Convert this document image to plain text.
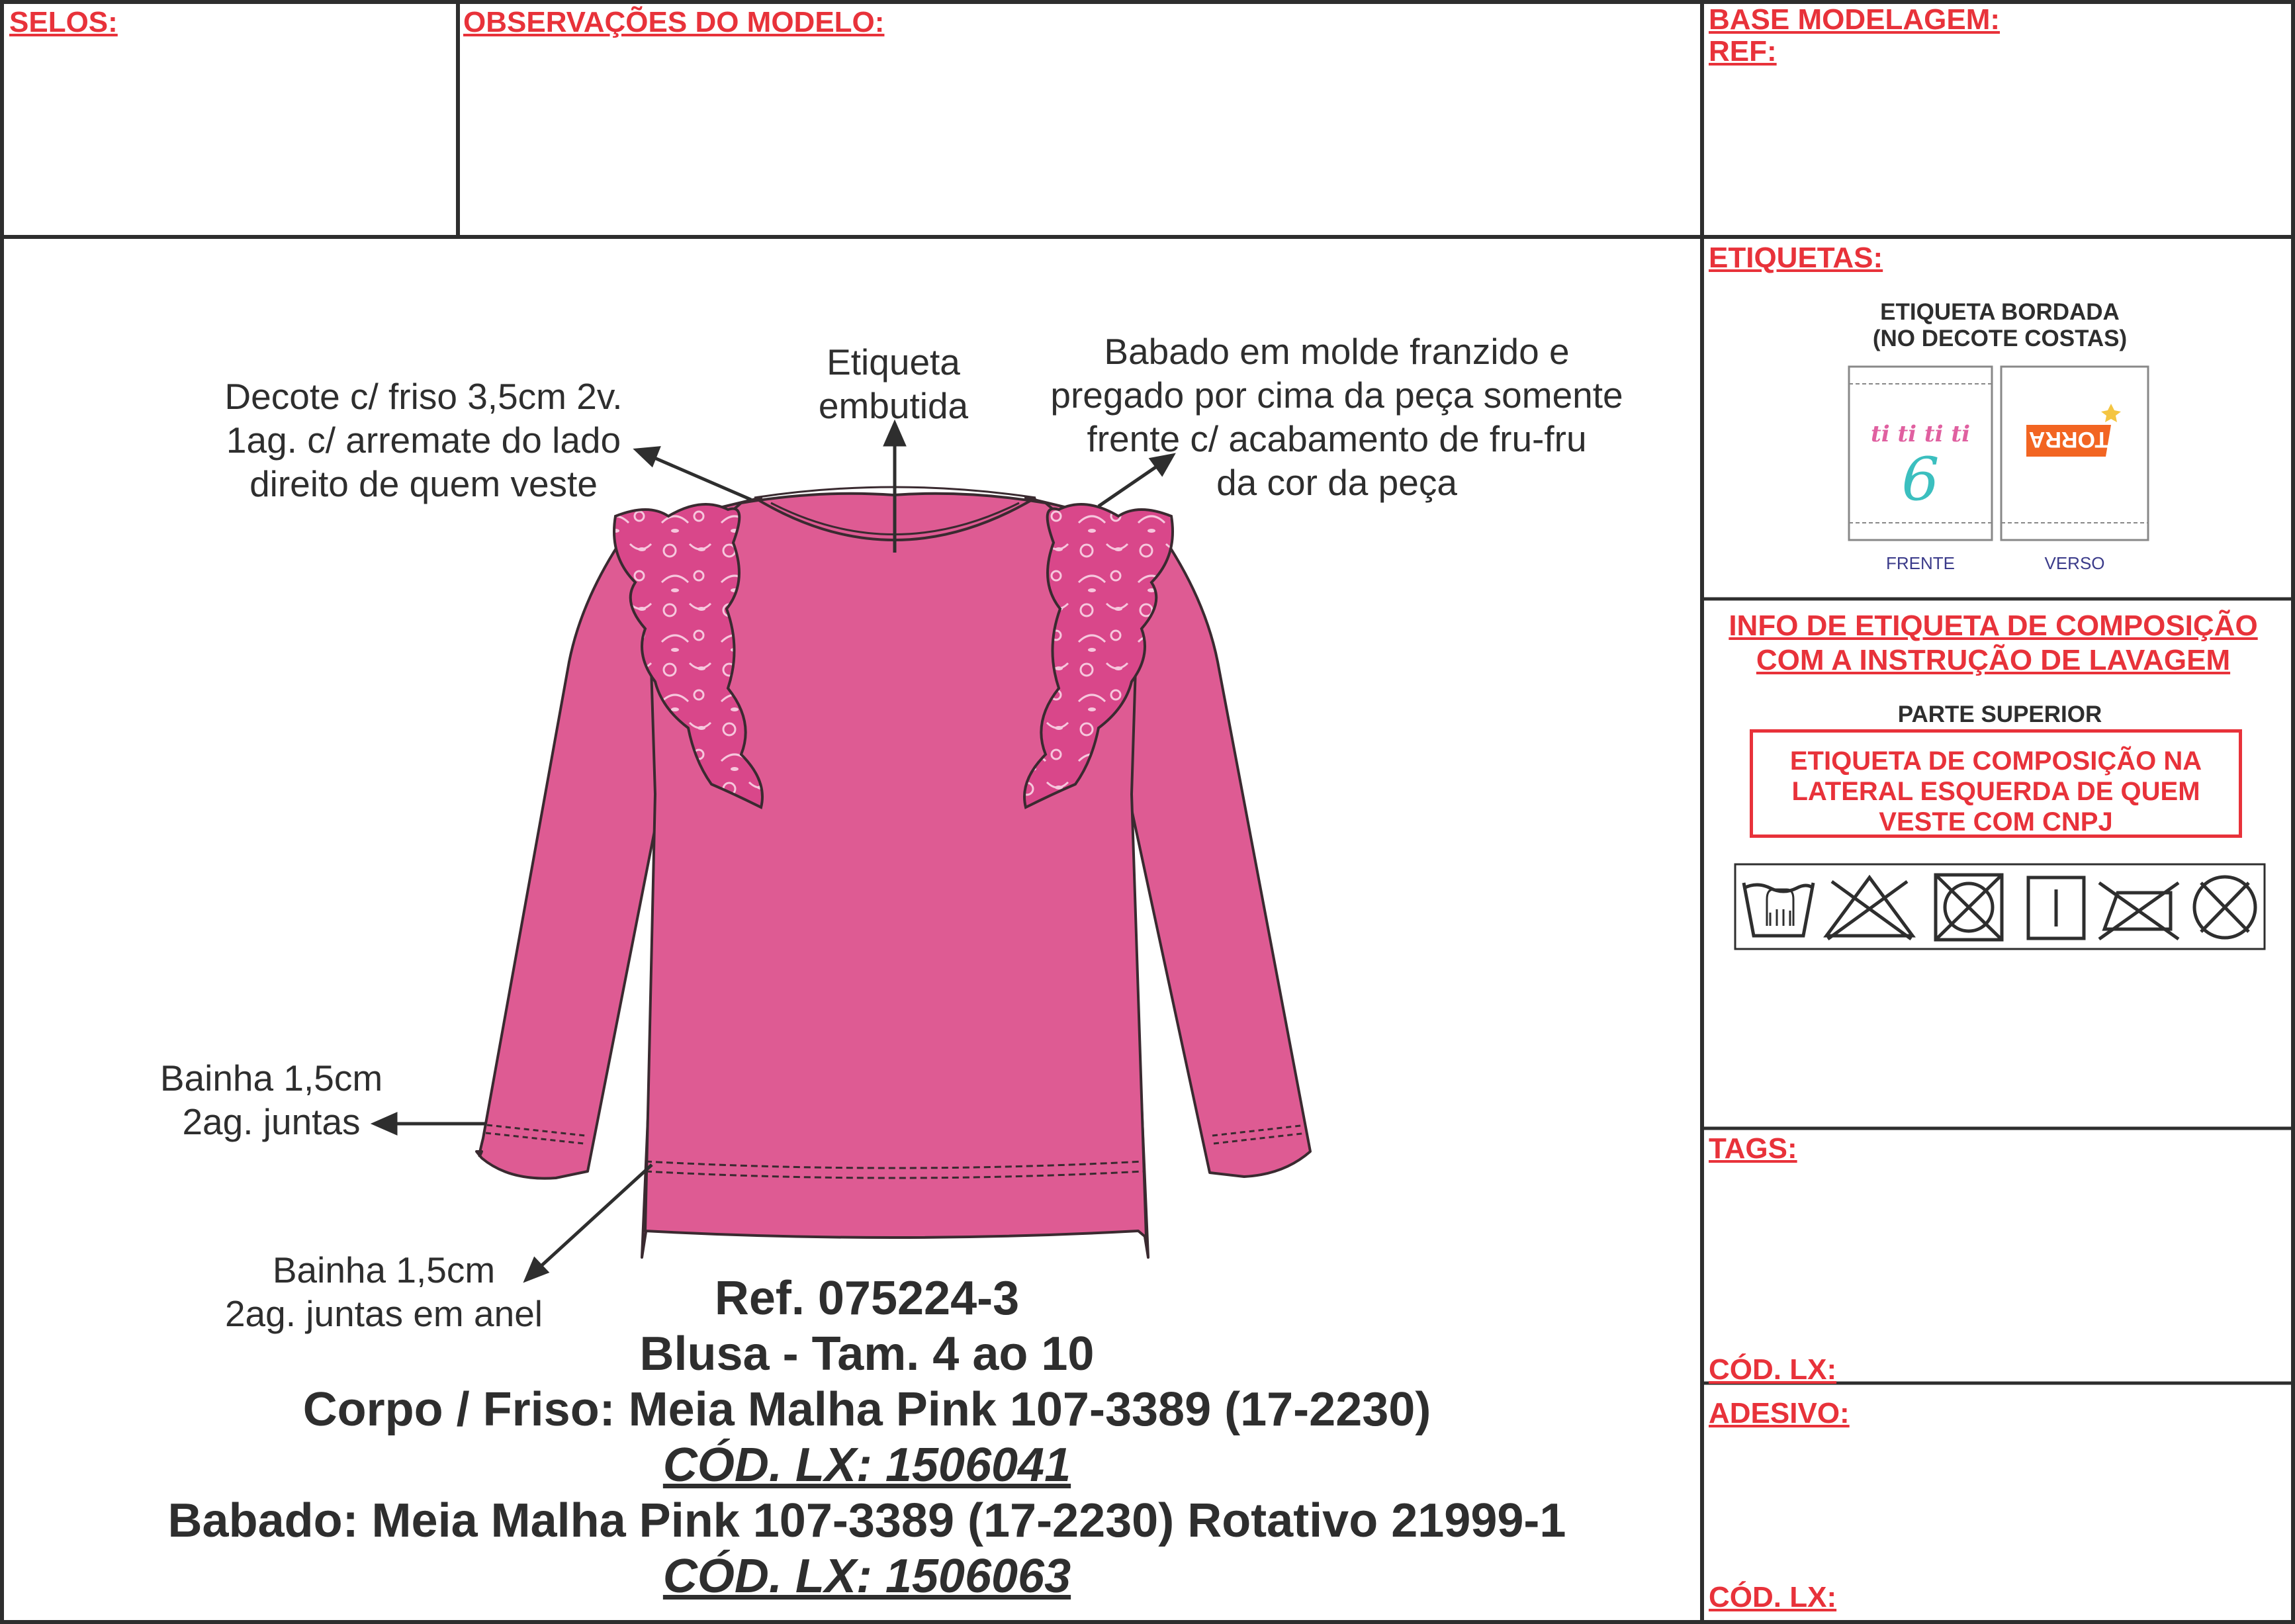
SELOS:	OBSERVAÇÕES DO MODELO:	BASE MODELAGEM:
REF:
ETIQUETAS:
INFO DE ETIQUETA DE COMPOSIÇÃO
COM A INSTRUÇÃO DE LAVAGEM
TAGS:
CÓD. LX:
ADESIVO:
CÓD. LX:
Decote c/ friso 3,5cm 2v.
1ag. c/ arremate do lado
direito de quem veste
Etiqueta
embutida
Babado em molde franzido e
pregado por cima da peça somente
frente c/ acabamento de fru-fru
da cor da peça
Bainha 1,5cm
2ag. juntas
Bainha 1,5cm
2ag. juntas em anel	Ref. 075224-3
Blusa - Tam. 4 ao 10
Corpo / Friso: Meia Malha Pink 107-3389 (17-2230)
CÓD. LX: 1506041
Babado: Meia Malha Pink 107-3389 (17-2230) Rotativo 21999-1
CÓD. LX: 1506063
ETIQUETA BORDADA
(NO DECOTE COSTAS)
ti ti ti ti
6
TORRA
FRENTE	VERSO
PARTE SUPERIOR
ETIQUETA DE COMPOSIÇÃO NA
LATERAL ESQUERDA DE QUEM
VESTE COM CNPJ
